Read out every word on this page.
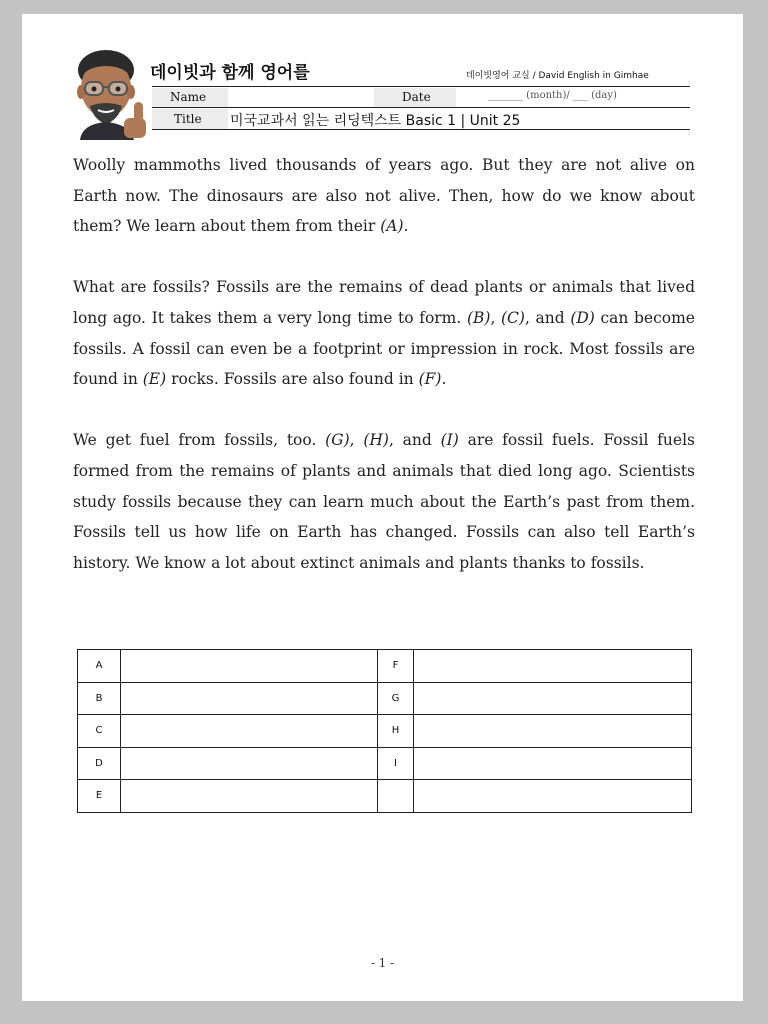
데이빗과 함께 영어를	데이빗영어 교실 / David English in Gimhae
Name	Date	_______ (month)/ ___ (day)
Title 미국교과서 읽는 리딩텍스트 Basic 1 | Unit 25

Woolly mammoths lived thousands of years ago. But they are not alive on Earth now. The dinosaurs are also not alive. Then, how do we know about them? We learn about them from their (A).

What are fossils? Fossils are the remains of dead plants or animals that lived long ago. It takes them a very long time to form. (B), (C), and (D) can become fossils. A fossil can even be a footprint or impression in rock. Most fossils are found in (E) rocks. Fossils are also found in (F).

We get fuel from fossils, too. (G), (H), and (I) are fossil fuels. Fossil fuels formed from the remains of plants and animals that died long ago. Scientists study fossils because they can learn much about the Earth’s past from them. Fossils tell us how life on Earth has changed. Fossils can also tell Earth’s history. We know a lot about extinct animals and plants thanks to fossils.

A		F	
B		G	
C		H	
D		I	
E			
- 1 -
